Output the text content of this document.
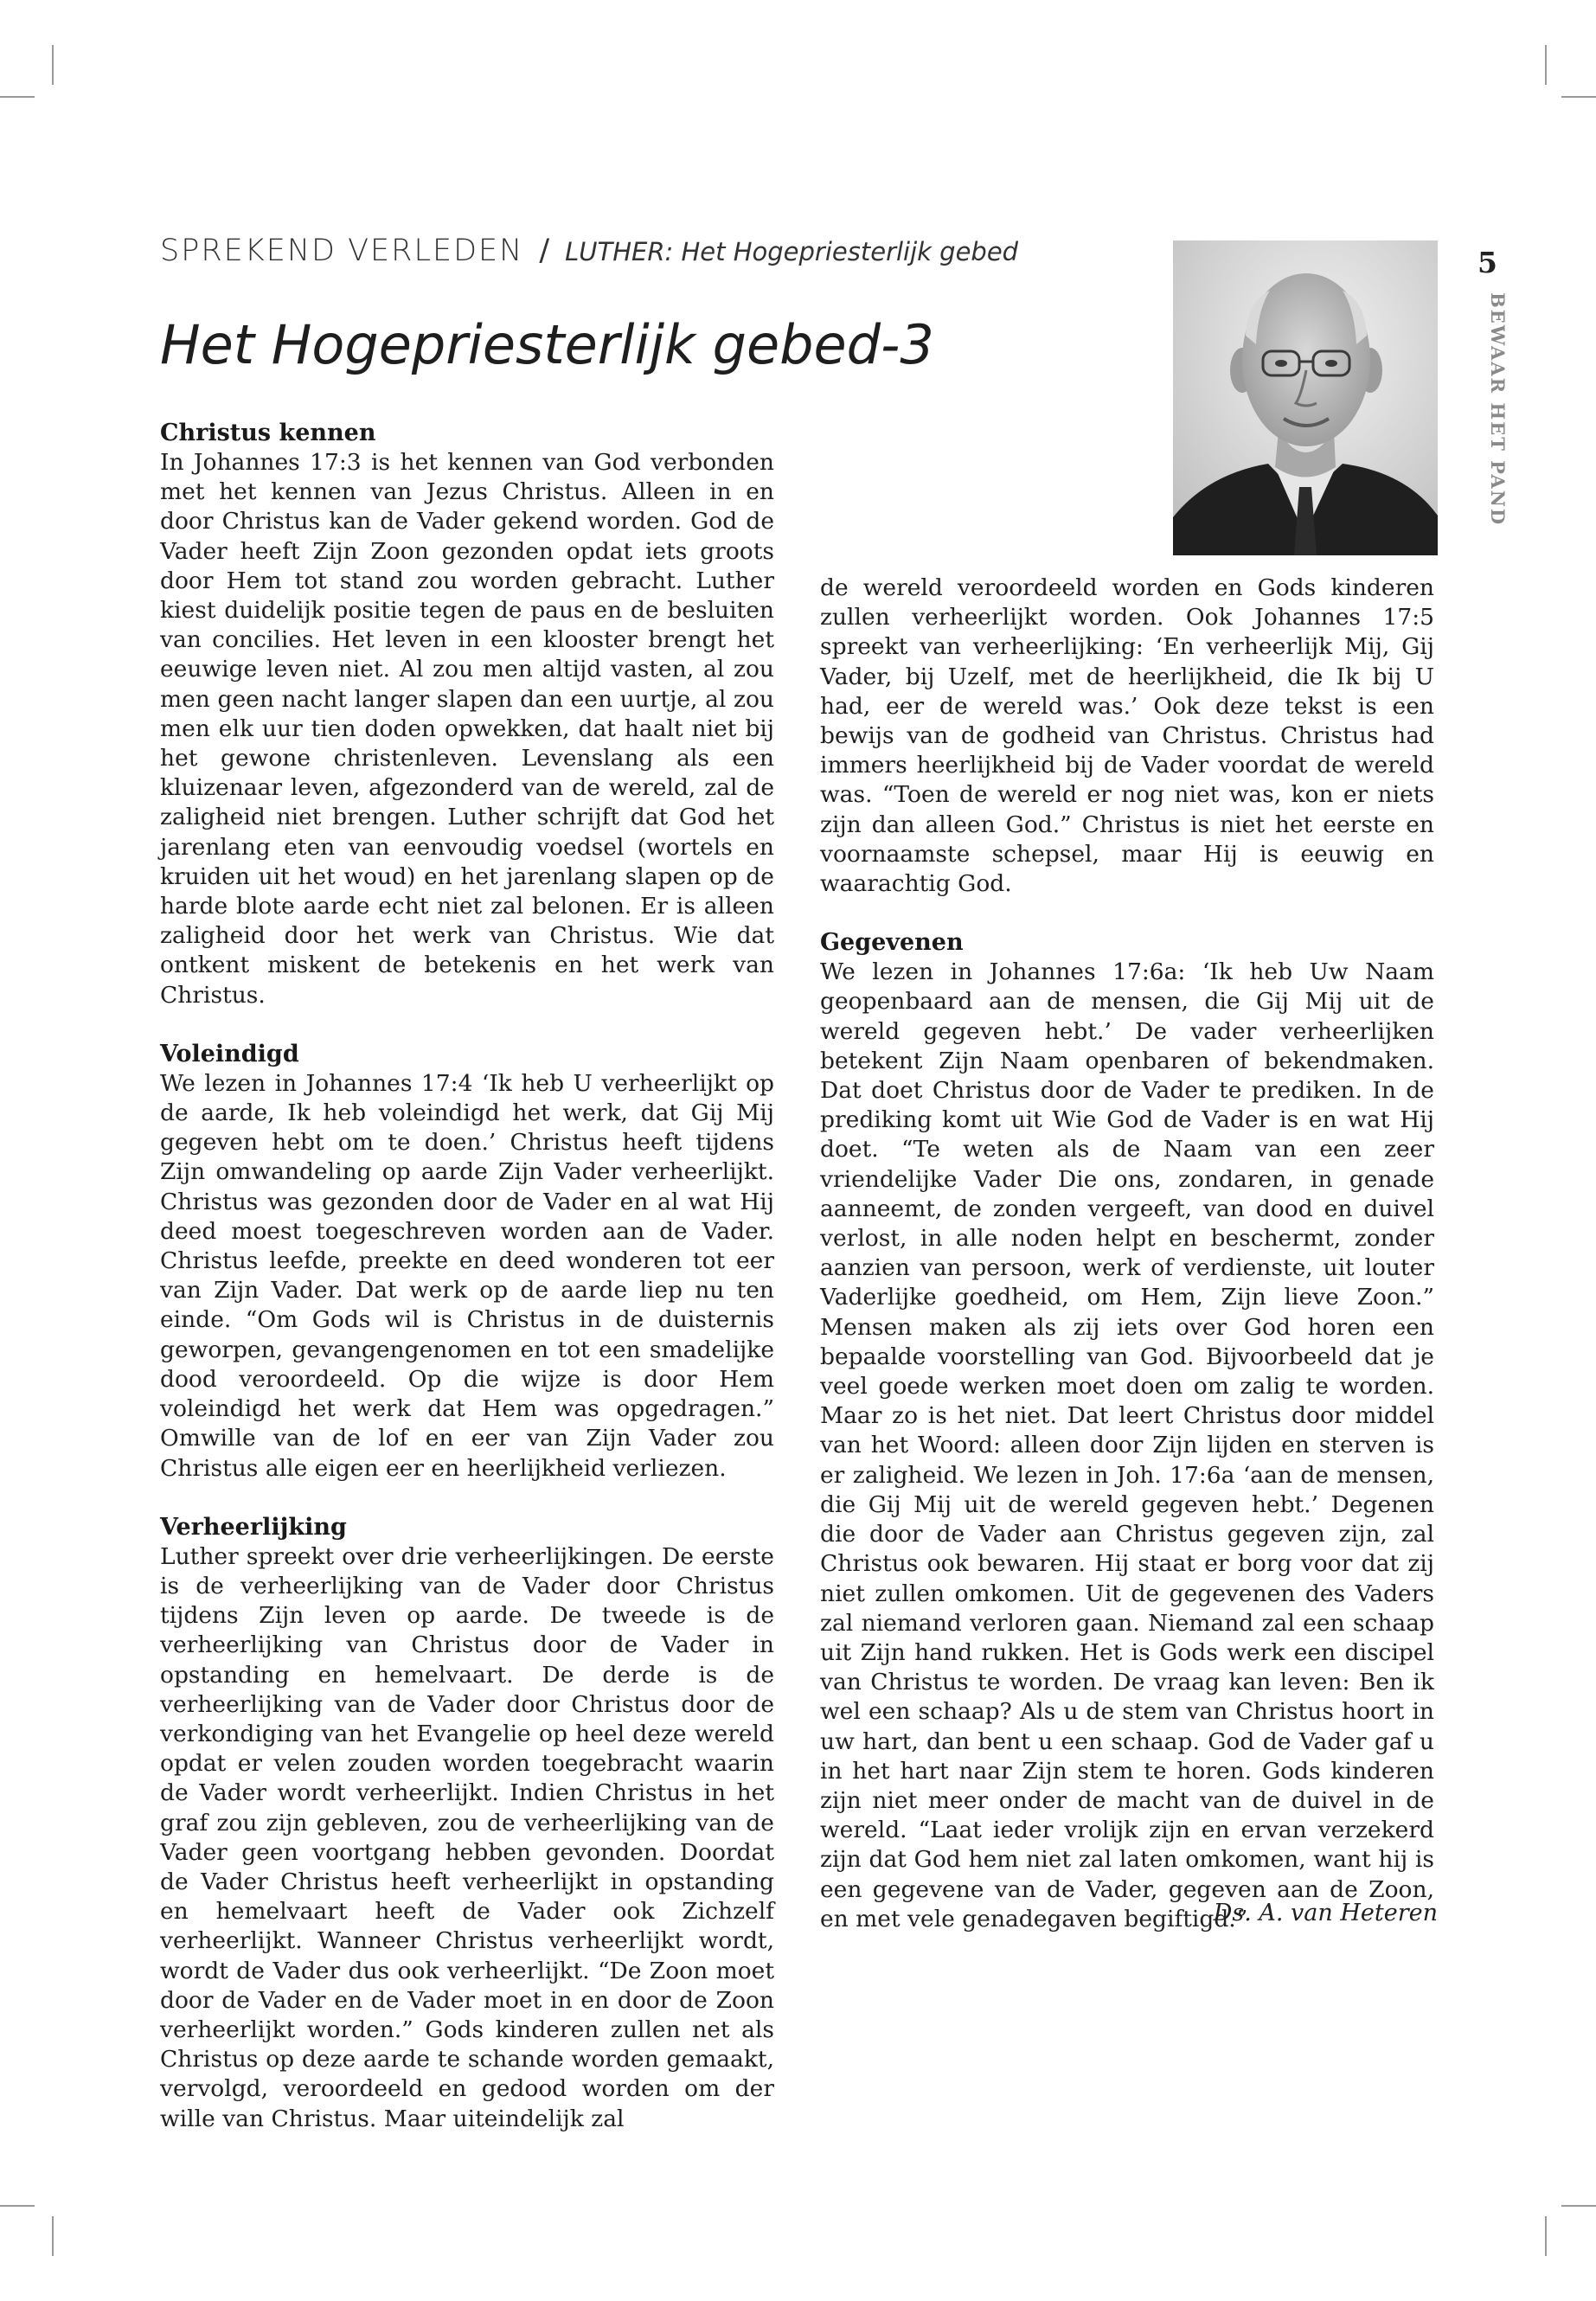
SPREKEND VERLEDEN / LUTHER: Het Hogepriesterlijk gebed
Het Hogepriesterlijk gebed-3
5
BEWAAR HET PAND
Christus kennen

In Johannes 17:3 is het kennen van God verbonden met het kennen van Jezus Christus. Alleen in en door Christus kan de Vader gekend worden. God de Vader heeft Zijn Zoon gezonden opdat iets groots door Hem tot stand zou worden gebracht. Luther kiest duidelijk positie tegen de paus en de besluiten van concilies. Het leven in een klooster brengt het eeuwige leven niet. Al zou men altijd vasten, al zou men geen nacht langer slapen dan een uurtje, al zou men elk uur tien doden opwekken, dat haalt niet bij het gewone christenleven. Levenslang als een kluizenaar leven, afgezonderd van de wereld, zal de zaligheid niet brengen. Luther schrijft dat God het jarenlang eten van eenvoudig voedsel (wortels en kruiden uit het woud) en het jarenlang slapen op de harde blote aarde echt niet zal belonen. Er is alleen zaligheid door het werk van Christus. Wie dat ontkent miskent de betekenis en het werk van Christus.

Voleindigd

We lezen in Johannes 17:4 ‘Ik heb U verheerlijkt op de aarde, Ik heb voleindigd het werk, dat Gij Mij gegeven hebt om te doen.’ Christus heeft tijdens Zijn omwandeling op aarde Zijn Vader verheerlijkt. Christus was gezonden door de Vader en al wat Hij deed moest toegeschreven worden aan de Vader. Christus leefde, preekte en deed wonderen tot eer van Zijn Vader. Dat werk op de aarde liep nu ten einde. “Om Gods wil is Christus in de duisternis geworpen, gevangengenomen en tot een smadelijke dood veroordeeld. Op die wijze is door Hem voleindigd het werk dat Hem was opgedragen.” Omwille van de lof en eer van Zijn Vader zou Christus alle eigen eer en heerlijkheid verliezen.

Verheerlijking

Luther spreekt over drie verheerlijkingen. De eerste is de verheerlijking van de Vader door Christus tijdens Zijn leven op aarde. De tweede is de verheerlijking van Christus door de Vader in opstanding en hemelvaart. De derde is de verheerlijking van de Vader door Christus door de verkondiging van het Evangelie op heel deze wereld opdat er velen zouden worden toegebracht waarin de Vader wordt verheerlijkt. Indien Christus in het graf zou zijn gebleven, zou de verheerlijking van de Vader geen voortgang hebben gevonden. Doordat de Vader Christus heeft verheerlijkt in opstanding en hemelvaart heeft de Vader ook Zichzelf verheerlijkt. Wanneer Christus verheerlijkt wordt, wordt de Vader dus ook verheerlijkt. “De Zoon moet door de Vader en de Vader moet in en door de Zoon verheerlijkt worden.” Gods kinderen zullen net als Christus op deze aarde te schande worden gemaakt, vervolgd, veroordeeld en gedood worden om der wille van Christus. Maar uiteindelijk zal

de wereld veroordeeld worden en Gods kinderen zullen verheerlijkt worden. Ook Johannes 17:5 spreekt van verheerlijking: ‘En verheerlijk Mij, Gij Vader, bij Uzelf, met de heerlijkheid, die Ik bij U had, eer de wereld was.’ Ook deze tekst is een bewijs van de godheid van Christus. Christus had immers heerlijkheid bij de Vader voordat de wereld was. “Toen de wereld er nog niet was, kon er niets zijn dan alleen God.” Christus is niet het eerste en voornaamste schepsel, maar Hij is eeuwig en waarachtig God.

Gegevenen

We lezen in Johannes 17:6a: ‘Ik heb Uw Naam geopenbaard aan de mensen, die Gij Mij uit de wereld gegeven hebt.’ De vader verheerlijken betekent Zijn Naam openbaren of bekendmaken. Dat doet Christus door de Vader te prediken. In de prediking komt uit Wie God de Vader is en wat Hij doet. “Te weten als de Naam van een zeer vriendelijke Vader Die ons, zondaren, in genade aanneemt, de zonden vergeeft, van dood en duivel verlost, in alle noden helpt en beschermt, zonder aanzien van persoon, werk of verdienste, uit louter Vaderlijke goedheid, om Hem, Zijn lieve Zoon.” Mensen maken als zij iets over God horen een bepaalde voorstelling van God. Bijvoorbeeld dat je veel goede werken moet doen om zalig te worden. Maar zo is het niet. Dat leert Christus door middel van het Woord: alleen door Zijn lijden en sterven is er zaligheid. We lezen in Joh. 17:6a ‘aan de mensen, die Gij Mij uit de wereld gegeven hebt.’ Degenen die door de Vader aan Christus gegeven zijn, zal Christus ook bewaren. Hij staat er borg voor dat zij niet zullen omkomen. Uit de gegevenen des Vaders zal niemand verloren gaan. Niemand zal een schaap uit Zijn hand rukken. Het is Gods werk een discipel van Christus te worden. De vraag kan leven: Ben ik wel een schaap? Als u de stem van Christus hoort in uw hart, dan bent u een schaap. God de Vader gaf u in het hart naar Zijn stem te horen. Gods kinderen zijn niet meer onder de macht van de duivel in de wereld. “Laat ieder vrolijk zijn en ervan verzekerd zijn dat God hem niet zal laten omkomen, want hij is een gegevene van de Vader, gegeven aan de Zoon, en met vele genadegaven begiftigd.”

Ds. A. van Heteren
